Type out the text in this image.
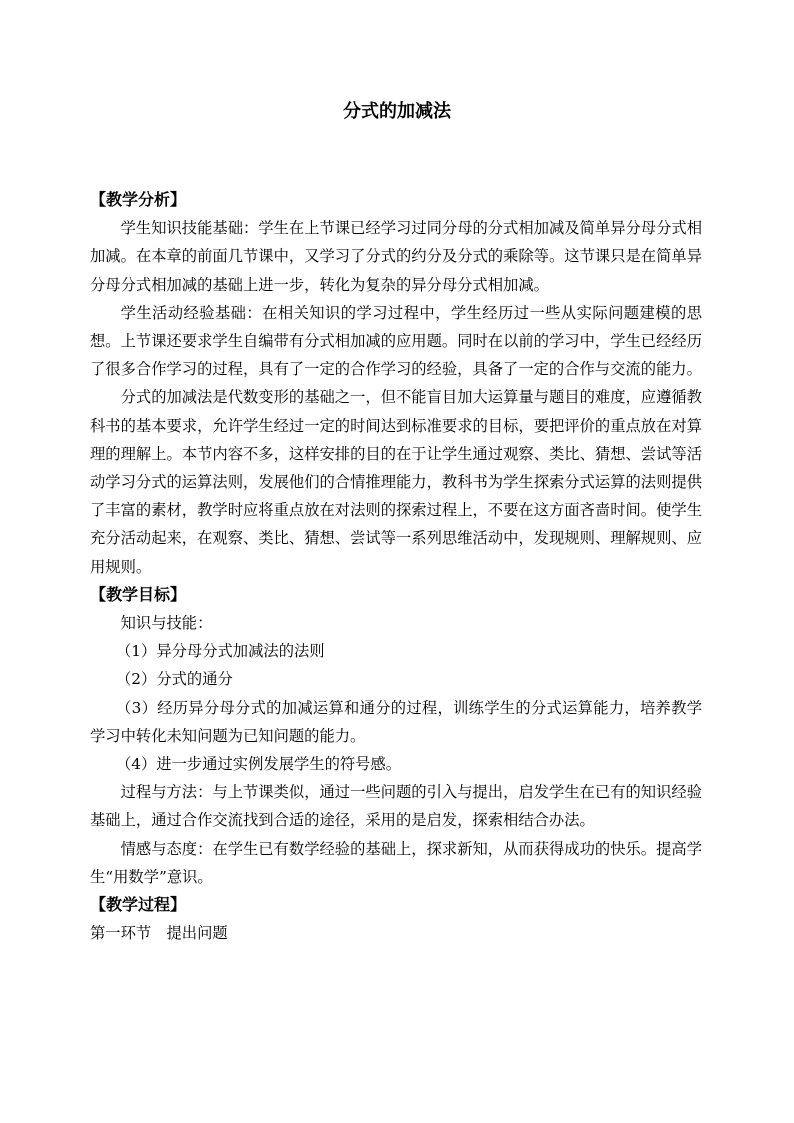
分式的加减法
【教学分析】
学生知识技能基础：学生在上节课已经学习过同分母的分式相加减及简单异分母分式相加减。在本章的前面几节课中，又学习了分式的约分及分式的乘除等。这节课只是在简单异分母分式相加减的基础上进一步，转化为复杂的异分母分式相加减。
学生活动经验基础：在相关知识的学习过程中，学生经历过一些从实际问题建模的思想。上节课还要求学生自编带有分式相加减的应用题。同时在以前的学习中，学生已经经历了很多合作学习的过程，具有了一定的合作学习的经验，具备了一定的合作与交流的能力。
分式的加减法是代数变形的基础之一，但不能盲目加大运算量与题目的难度，应遵循教科书的基本要求，允许学生经过一定的时间达到标准要求的目标，要把评价的重点放在对算理的理解上。本节内容不多，这样安排的目的在于让学生通过观察、类比、猜想、尝试等活动学习分式的运算法则，发展他们的合情推理能力，教科书为学生探索分式运算的法则提供了丰富的素材，教学时应将重点放在对法则的探索过程上，不要在这方面吝啬时间。使学生充分活动起来，在观察、类比、猜想、尝试等一系列思维活动中，发现规则、理解规则、应用规则。
【教学目标】
知识与技能：
（1）异分母分式加减法的法则
（2）分式的通分
（3）经历异分母分式的加减运算和通分的过程，训练学生的分式运算能力，培养教学学习中转化未知问题为已知问题的能力。
（4）进一步通过实例发展学生的符号感。
过程与方法：与上节课类似，通过一些问题的引入与提出，启发学生在已有的知识经验基础上，通过合作交流找到合适的途径，采用的是启发，探索相结合办法。
情感与态度：在学生已有数学经验的基础上，探求新知，从而获得成功的快乐。提高学生“用数学”意识。
【教学过程】
第一环节　提出问题
